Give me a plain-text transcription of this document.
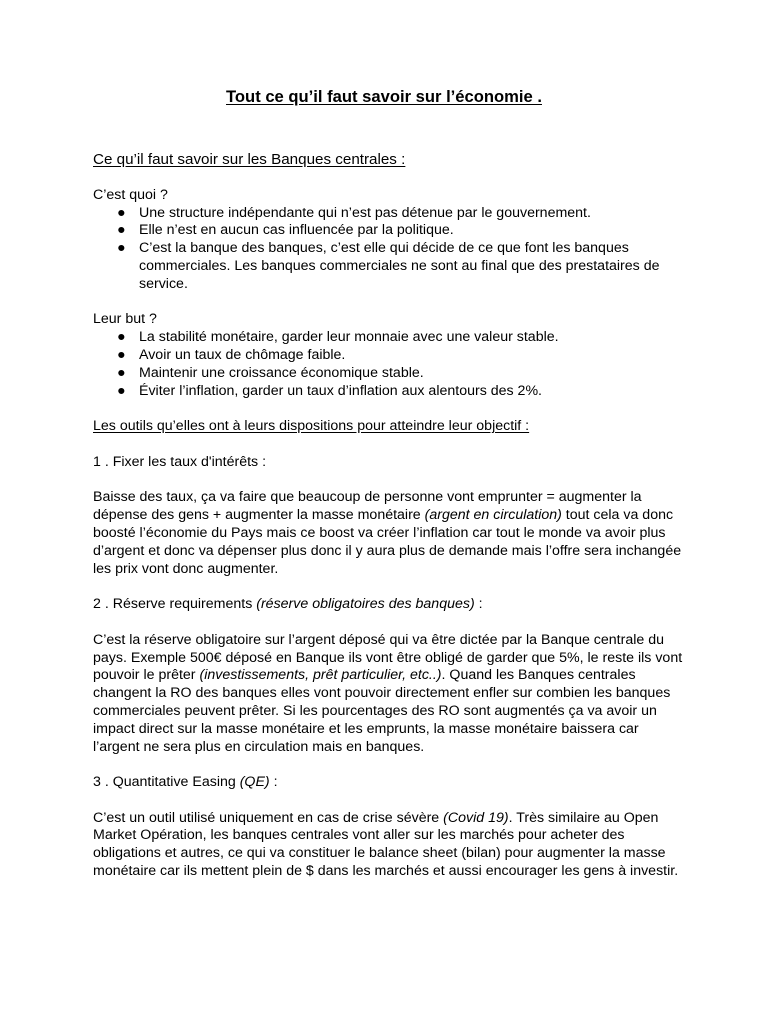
Tout ce qu’il faut savoir sur l’économie .
Ce qu’il faut savoir sur les Banques centrales :

C’est quoi ?

● Une structure indépendante qui n’est pas détenue par le gouvernement.
● Elle n’est en aucun cas influencée par la politique.
● C’est la banque des banques, c’est elle qui décide de ce que font les banques commerciales. Les banques commerciales ne sont au final que des prestataires de service.

Leur but ?

● La stabilité monétaire, garder leur monnaie avec une valeur stable.
● Avoir un taux de chômage faible.
● Maintenir une croissance économique stable.
● Éviter l’inflation, garder un taux d’inflation aux alentours des 2%.

Les outils qu’elles ont à leurs dispositions pour atteindre leur objectif :

1 . Fixer les taux d'intérêts :

Baisse des taux, ça va faire que beaucoup de personne vont emprunter = augmenter la dépense des gens + augmenter la masse monétaire (argent en circulation) tout cela va donc boosté l’économie du Pays mais ce boost va créer l’inflation car tout le monde va avoir plus d’argent et donc va dépenser plus donc il y aura plus de demande mais l’offre sera inchangée les prix vont donc augmenter.

2 . Réserve requirements (réserve obligatoires des banques) :

C’est la réserve obligatoire sur l’argent déposé qui va être dictée par la Banque centrale du pays. Exemple 500€ déposé en Banque ils vont être obligé de garder que 5%, le reste ils vont pouvoir le prêter (investissements, prêt particulier, etc..). Quand les Banques centrales changent la RO des banques elles vont pouvoir directement enfler sur combien les banques commerciales peuvent prêter. Si les pourcentages des RO sont augmentés ça va avoir un impact direct sur la masse monétaire et les emprunts, la masse monétaire baissera car l’argent ne sera plus en circulation mais en banques.

3 . Quantitative Easing (QE) :

C’est un outil utilisé uniquement en cas de crise sévère (Covid 19). Très similaire au Open Market Opération, les banques centrales vont aller sur les marchés pour acheter des obligations et autres, ce qui va constituer le balance sheet (bilan) pour augmenter la masse monétaire car ils mettent plein de $ dans les marchés et aussi encourager les gens à investir.
